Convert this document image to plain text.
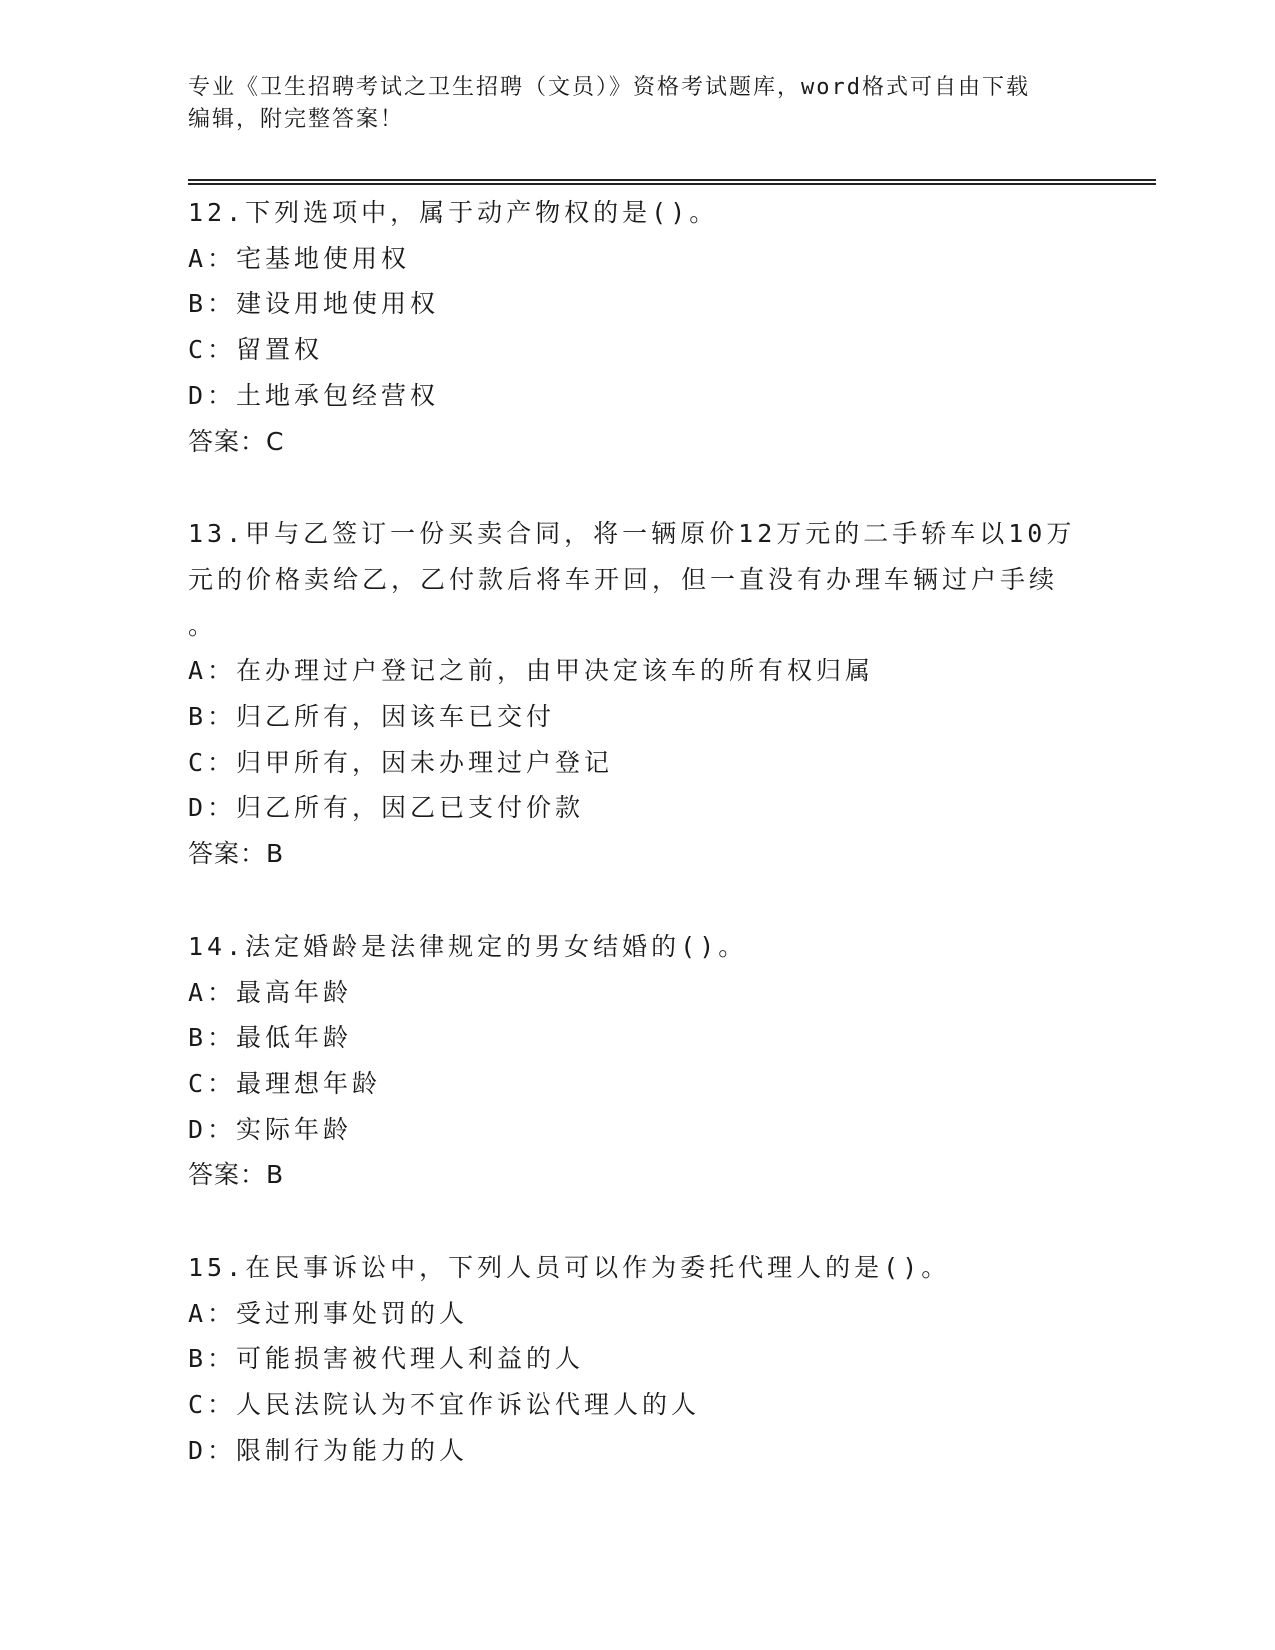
专业《卫生招聘考试之卫生招聘（文员）》资格考试题库，word格式可自由下载
编辑，附完整答案！
12.下列选项中，属于动产物权的是()。
A：宅基地使用权
B：建设用地使用权
C：留置权
D：土地承包经营权
答案：C
13.甲与乙签订一份买卖合同，将一辆原价12万元的二手轿车以10万
元的价格卖给乙，乙付款后将车开回，但一直没有办理车辆过户手续
。
A：在办理过户登记之前，由甲决定该车的所有权归属
B：归乙所有，因该车已交付
C：归甲所有，因未办理过户登记
D：归乙所有，因乙已支付价款
答案：B
14.法定婚龄是法律规定的男女结婚的()。
A：最高年龄
B：最低年龄
C：最理想年龄
D：实际年龄
答案：B
15.在民事诉讼中，下列人员可以作为委托代理人的是()。
A：受过刑事处罚的人
B：可能损害被代理人利益的人
C：人民法院认为不宜作诉讼代理人的人
D：限制行为能力的人
